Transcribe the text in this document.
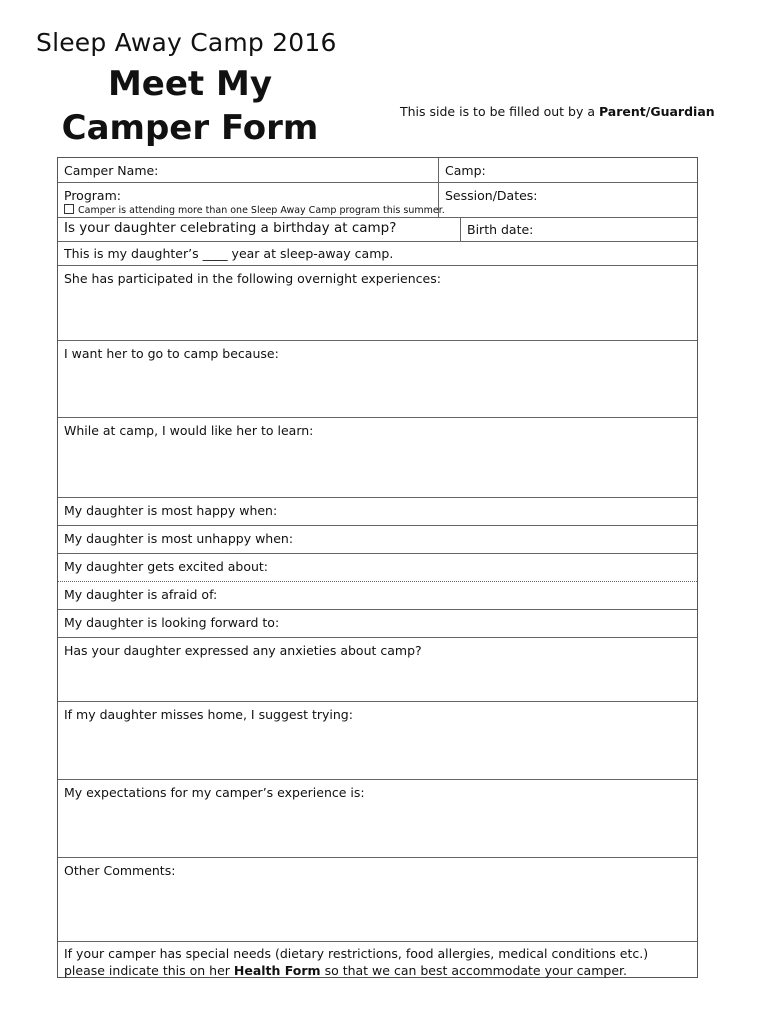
Sleep Away Camp 2016
Meet My
Camper Form	This side is to be filled out by a Parent/Guardian
Camper Name:	Camp:
Program:	Session/Dates:
Camper is attending more than one Sleep Away Camp program this summer.
Is your daughter celebrating a birthday at camp?	Birth date:
This is my daughter’s ____ year at sleep-away camp.
She has participated in the following overnight experiences:
I want her to go to camp because:
While at camp, I would like her to learn:
My daughter is most happy when:
My daughter is most unhappy when:
My daughter gets excited about:
My daughter is afraid of:
My daughter is looking forward to:
Has your daughter expressed any anxieties about camp?
If my daughter misses home, I suggest trying:
My expectations for my camper’s experience is:
Other Comments:
If your camper has special needs (dietary restrictions, food allergies, medical conditions etc.)
please indicate this on her Health Form so that we can best accommodate your camper.
